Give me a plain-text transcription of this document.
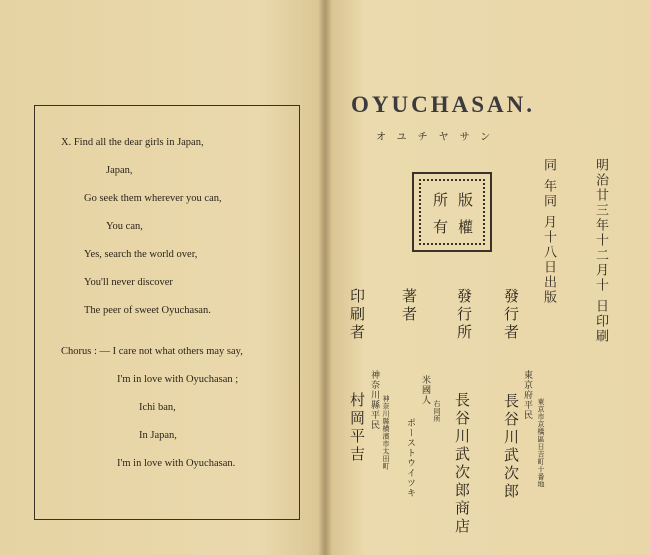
X. Find all the dear girls in Japan,
Japan,
Go seek them wherever you can,
You can,
Yes, search the world over,
You'll never discover
The peer of sweet Oyuchasan.
Chorus : — I care not what others may say,
I'm in love with Oyuchasan ;
Ichi ban,
In Japan,
I'm in love with Oyuchasan.
OYUCHASAN.
オユチヤサン
版
權
所
有	明治廿三年十二月十 日印刷
同 年同 月十八日出版
發行者
東京府平民
東京市京橋區日吉町十番地
長谷川武次郎
發行所
長谷川武次郎商店
著者
米國人
右同所
ポーストウイツキ
印刷者
神奈川縣平民 神奈川縣横濱市太田町
村岡平吉
